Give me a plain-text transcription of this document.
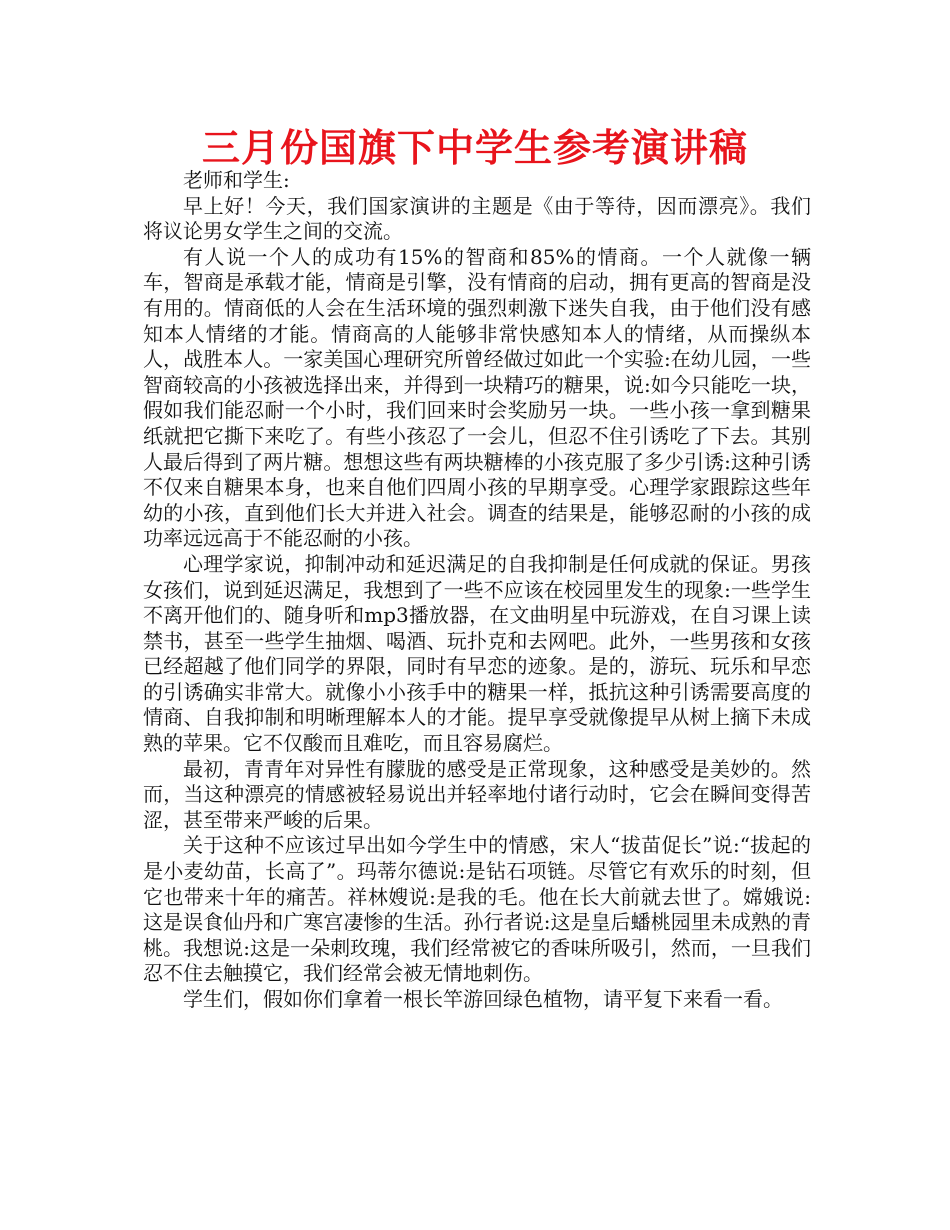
三月份国旗下中学生参考演讲稿

老师和学生:

早上好！今天，我们国家演讲的主题是《由于等待，因而漂亮》。我们将议论男女学生之间的交流。

有人说一个人的成功有15%的智商和85%的情商。一个人就像一辆车，智商是承载才能，情商是引擎，没有情商的启动，拥有更高的智商是没有用的。情商低的人会在生活环境的强烈刺激下迷失自我，由于他们没有感知本人情绪的才能。情商高的人能够非常快感知本人的情绪，从而操纵本人，战胜本人。一家美国心理研究所曾经做过如此一个实验:在幼儿园，一些智商较高的小孩被选择出来，并得到一块精巧的糖果，说:如今只能吃一块，假如我们能忍耐一个小时，我们回来时会奖励另一块。一些小孩一拿到糖果纸就把它撕下来吃了。有些小孩忍了一会儿，但忍不住引诱吃了下去。其别人最后得到了两片糖。想想这些有两块糖棒的小孩克服了多少引诱:这种引诱不仅来自糖果本身，也来自他们四周小孩的早期享受。心理学家跟踪这些年幼的小孩，直到他们长大并进入社会。调查的结果是，能够忍耐的小孩的成功率远远高于不能忍耐的小孩。

心理学家说，抑制冲动和延迟满足的自我抑制是任何成就的保证。男孩女孩们，说到延迟满足，我想到了一些不应该在校园里发生的现象:一些学生不离开他们的、随身听和mp3播放器，在文曲明星中玩游戏，在自习课上读禁书，甚至一些学生抽烟、喝酒、玩扑克和去网吧。此外，一些男孩和女孩已经超越了他们同学的界限，同时有早恋的迹象。是的，游玩、玩乐和早恋的引诱确实非常大。就像小小孩手中的糖果一样，抵抗这种引诱需要高度的情商、自我抑制和明晰理解本人的才能。提早享受就像提早从树上摘下未成熟的苹果。它不仅酸而且难吃，而且容易腐烂。

最初，青青年对异性有朦胧的感受是正常现象，这种感受是美妙的。然而，当这种漂亮的情感被轻易说出并轻率地付诸行动时，它会在瞬间变得苦涩，甚至带来严峻的后果。

关于这种不应该过早出如今学生中的情感，宋人“拔苗促长”说:“拔起的是小麦幼苗，长高了”。玛蒂尔德说:是钻石项链。尽管它有欢乐的时刻，但它也带来十年的痛苦。祥林嫂说:是我的毛。他在长大前就去世了。嫦娥说:这是误食仙丹和广寒宫凄惨的生活。孙行者说:这是皇后蟠桃园里未成熟的青桃。我想说:这是一朵刺玫瑰，我们经常被它的香味所吸引，然而，一旦我们忍不住去触摸它，我们经常会被无情地刺伤。

学生们，假如你们拿着一根长竿游回绿色植物，请平复下来看一看。
